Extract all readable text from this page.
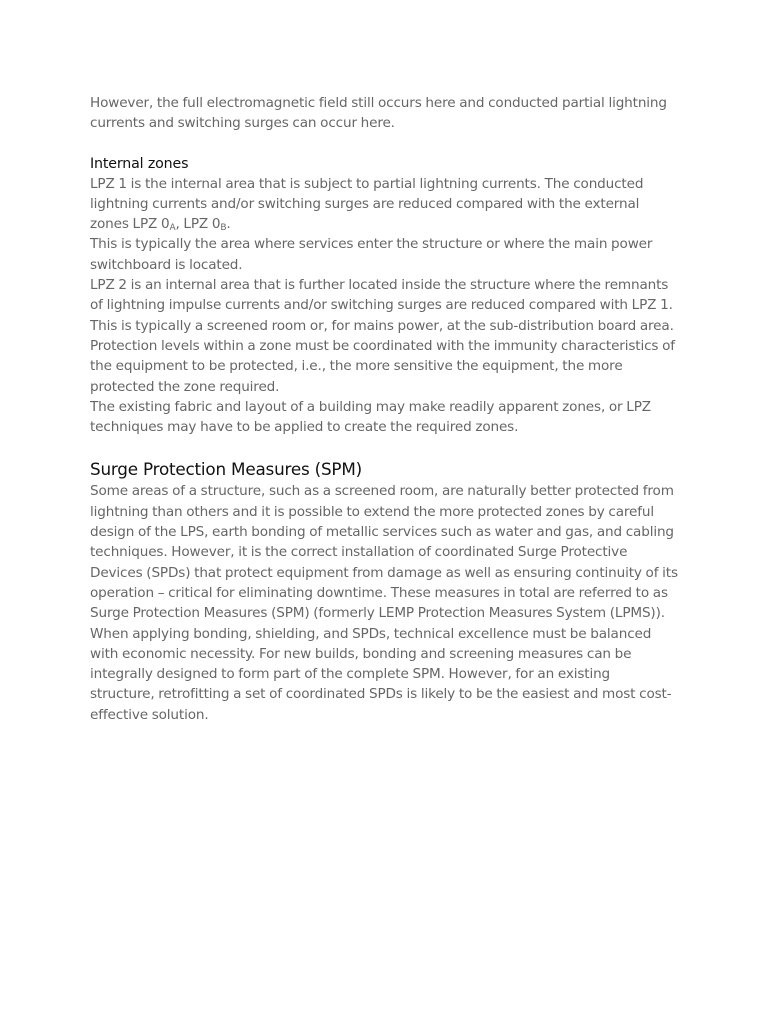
However, the full electromagnetic field still occurs here and conducted partial lightning currents and switching surges can occur here.

Internal zones

LPZ 1 is the internal area that is subject to partial lightning currents. The conducted lightning currents and/or switching surges are reduced compared with the external zones LPZ $0_A$, LPZ $0_B$.

This is typically the area where services enter the structure or where the main power switchboard is located.

LPZ 2 is an internal area that is further located inside the structure where the remnants of lightning impulse currents and/or switching surges are reduced compared with LPZ 1.

This is typically a screened room or, for mains power, at the sub-distribution board area. Protection levels within a zone must be coordinated with the immunity characteristics of the equipment to be protected, i.e., the more sensitive the equipment, the more protected the zone required.

The existing fabric and layout of a building may make readily apparent zones, or LPZ techniques may have to be applied to create the required zones.

Surge Protection Measures (SPM)

Some areas of a structure, such as a screened room, are naturally better protected from lightning than others and it is possible to extend the more protected zones by careful design of the LPS, earth bonding of metallic services such as water and gas, and cabling techniques. However, it is the correct installation of coordinated Surge Protective Devices (SPDs) that protect equipment from damage as well as ensuring continuity of its operation – critical for eliminating downtime. These measures in total are referred to as Surge Protection Measures (SPM) (formerly LEMP Protection Measures System (LPMS)).

When applying bonding, shielding, and SPDs, technical excellence must be balanced with economic necessity. For new builds, bonding and screening measures can be integrally designed to form part of the complete SPM. However, for an existing structure, retrofitting a set of coordinated SPDs is likely to be the easiest and most cost-effective solution.
